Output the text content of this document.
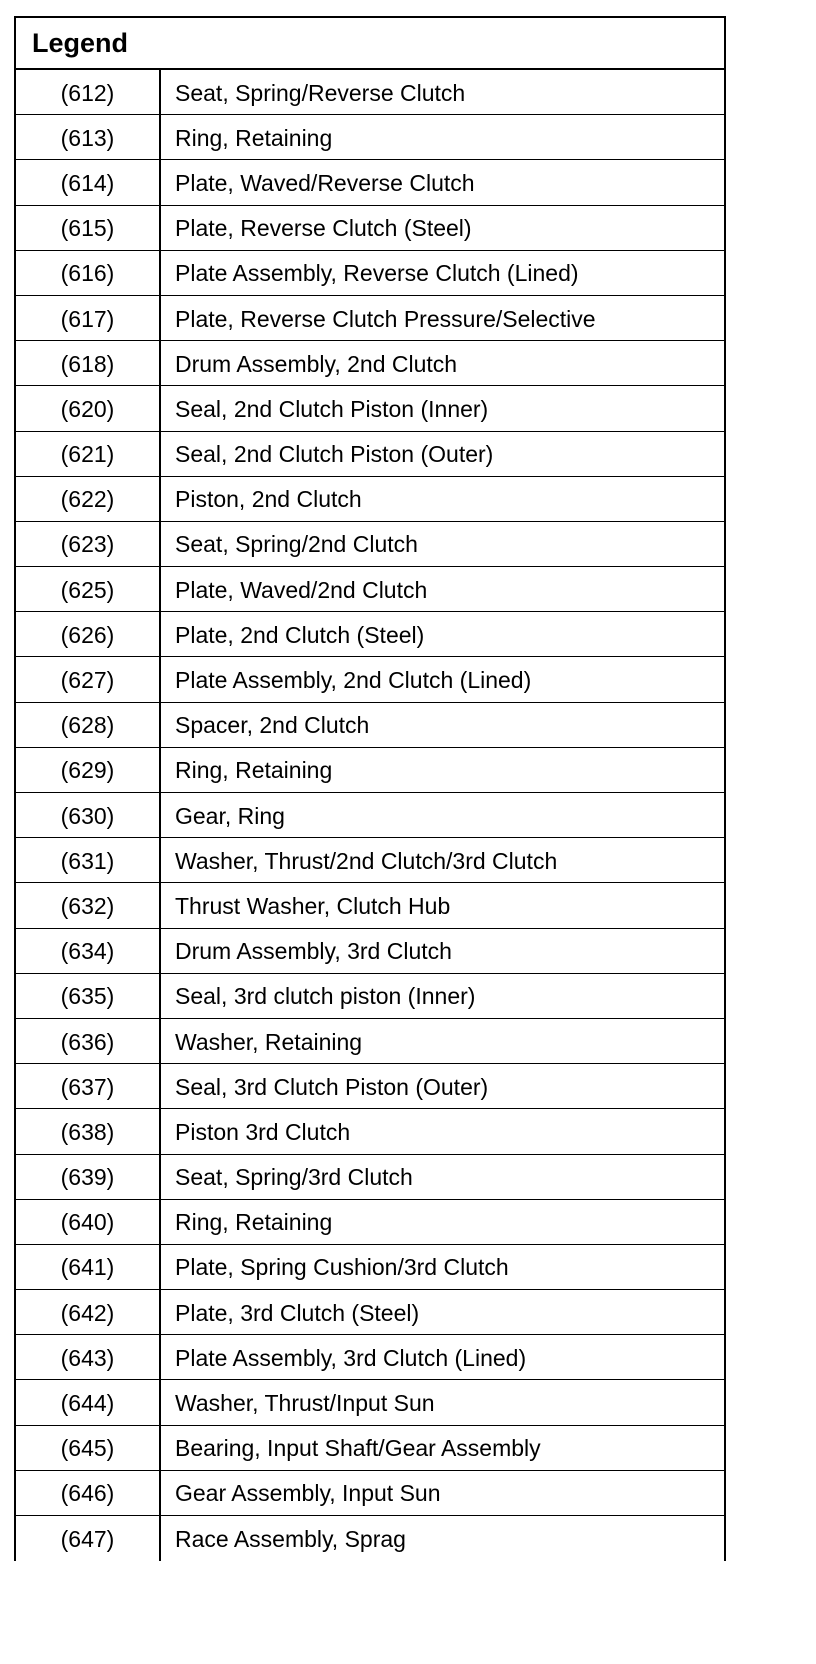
Legend
(612)	Seat, Spring/Reverse Clutch
(613)	Ring, Retaining
(614)	Plate, Waved/Reverse Clutch
(615)	Plate, Reverse Clutch (Steel)
(616)	Plate Assembly, Reverse Clutch (Lined)
(617)	Plate, Reverse Clutch Pressure/Selective
(618)	Drum Assembly, 2nd Clutch
(620)	Seal, 2nd Clutch Piston (Inner)
(621)	Seal, 2nd Clutch Piston (Outer)
(622)	Piston, 2nd Clutch
(623)	Seat, Spring/2nd Clutch
(625)	Plate, Waved/2nd Clutch
(626)	Plate, 2nd Clutch (Steel)
(627)	Plate Assembly, 2nd Clutch (Lined)
(628)	Spacer, 2nd Clutch
(629)	Ring, Retaining
(630)	Gear, Ring
(631)	Washer, Thrust/2nd Clutch/3rd Clutch
(632)	Thrust Washer, Clutch Hub
(634)	Drum Assembly, 3rd Clutch
(635)	Seal, 3rd clutch piston (Inner)
(636)	Washer, Retaining
(637)	Seal, 3rd Clutch Piston (Outer)
(638)	Piston 3rd Clutch
(639)	Seat, Spring/3rd Clutch
(640)	Ring, Retaining
(641)	Plate, Spring Cushion/3rd Clutch
(642)	Plate, 3rd Clutch (Steel)
(643)	Plate Assembly, 3rd Clutch (Lined)
(644)	Washer, Thrust/Input Sun
(645)	Bearing, Input Shaft/Gear Assembly
(646)	Gear Assembly, Input Sun
(647)	Race Assembly, Sprag
